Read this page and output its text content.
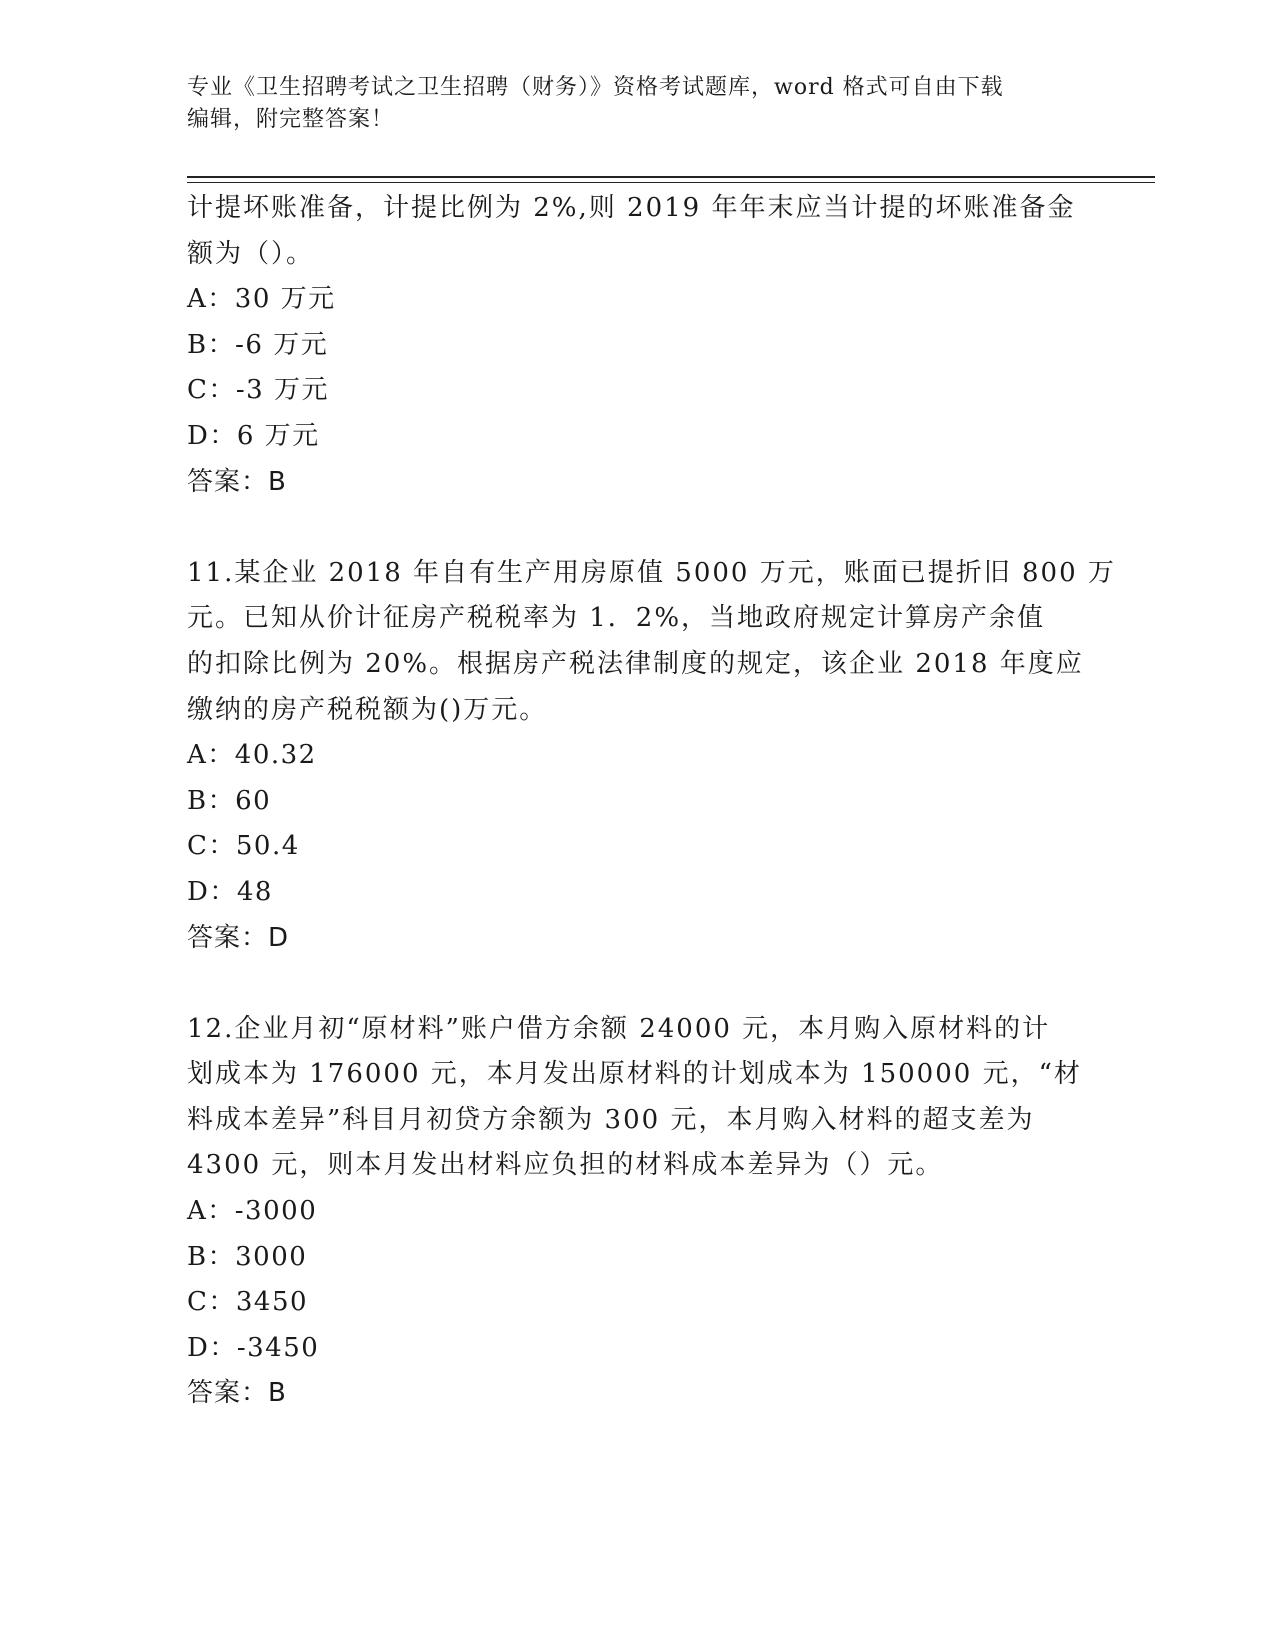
专业《卫生招聘考试之卫生招聘（财务）》资格考试题库，word 格式可自由下载
编辑，附完整答案！
计提坏账准备，计提比例为 2%,则 2019 年年末应当计提的坏账准备金
额为（）。
A：30 万元
B：-6 万元
C：-3 万元
D：6 万元
答案：B
11.某企业 2018 年自有生产用房原值 5000 万元，账面已提折旧 800 万
元。已知从价计征房产税税率为 1．2%，当地政府规定计算房产余值
的扣除比例为 20%。根据房产税法律制度的规定，该企业 2018 年度应
缴纳的房产税税额为()万元。
A：40.32
B：60
C：50.4
D：48
答案：D
12.企业月初“原材料”账户借方余额 24000 元，本月购入原材料的计
划成本为 176000 元，本月发出原材料的计划成本为 150000 元，“材
料成本差异”科目月初贷方余额为 300 元，本月购入材料的超支差为
4300 元，则本月发出材料应负担的材料成本差异为（）元。
A：-3000
B：3000
C：3450
D：-3450
答案：B
